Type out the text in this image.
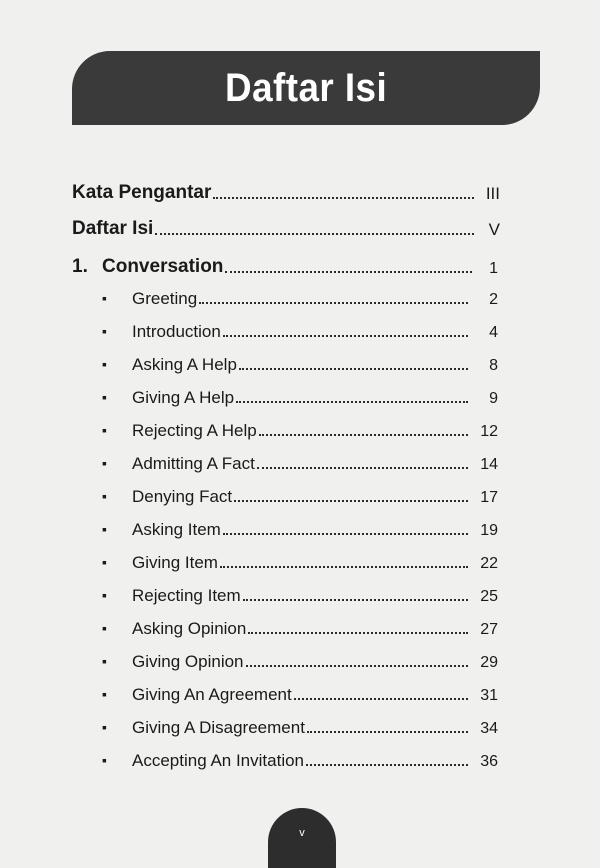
Daftar Isi
Kata Pengantar	III
Daftar Isi	V
1. Conversation	1
▪	Greeting	2
▪	Introduction	4
▪	Asking A Help	8
▪	Giving A Help	9
▪	Rejecting A Help	12
▪	Admitting A Fact	14
▪	Denying Fact	17
▪	Asking Item	19
▪	Giving Item	22
▪	Rejecting Item	25
▪	Asking Opinion	27
▪	Giving Opinion	29
▪	Giving An Agreement	31
▪	Giving A Disagreement	34
▪	Accepting An Invitation	36
v
